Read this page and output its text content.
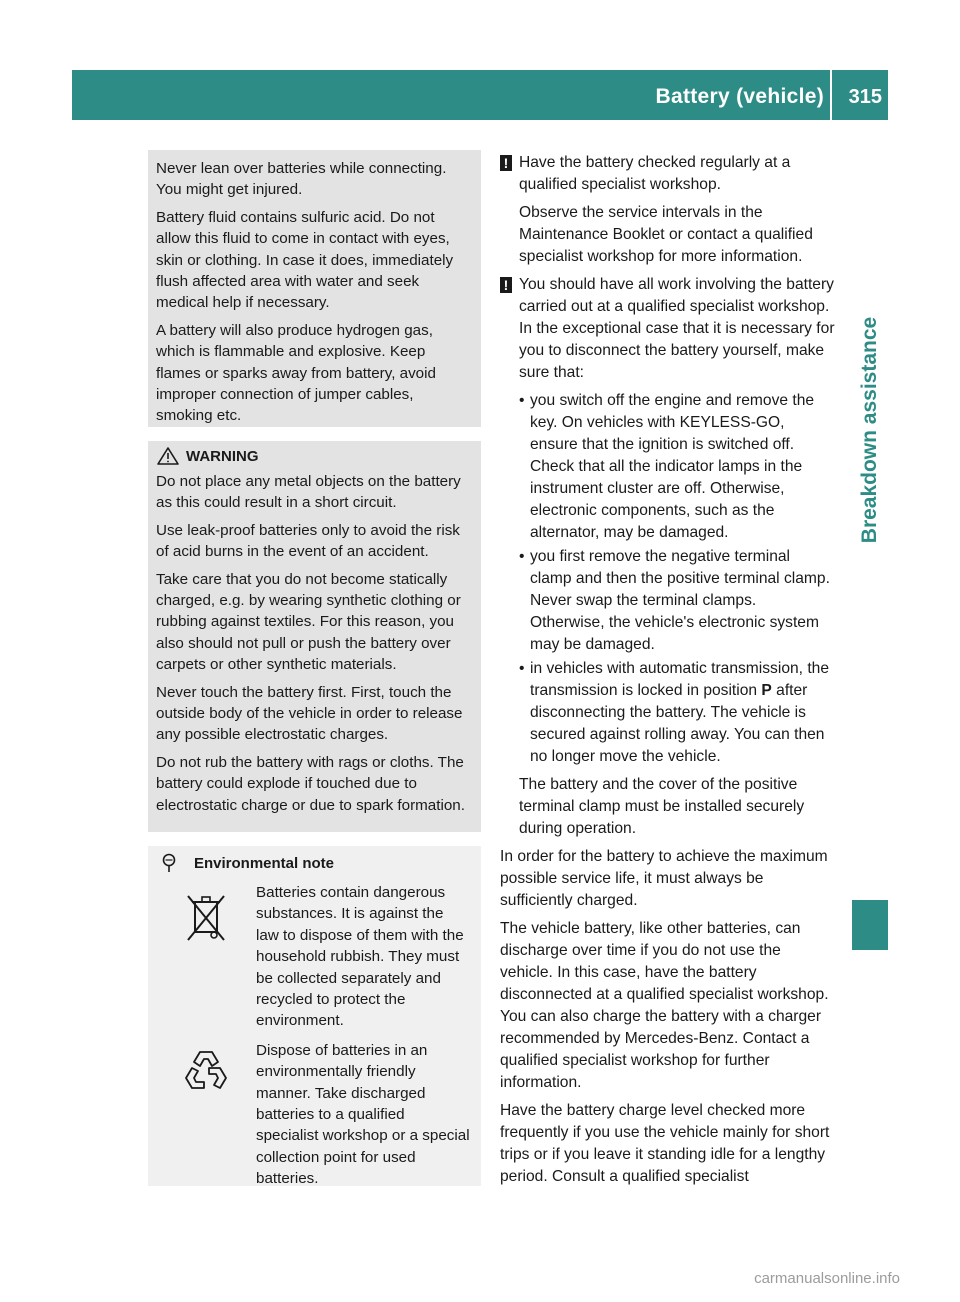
Battery (vehicle) 315
Breakdown assistance

Never lean over batteries while connecting. You might get injured.

Battery fluid contains sulfuric acid. Do not allow this fluid to come in contact with eyes, skin or clothing. In case it does, immediately flush affected area with water and seek medical help if necessary.

A battery will also produce hydrogen gas, which is flammable and explosive. Keep flames or sparks away from battery, avoid improper connection of jumper cables, smoking etc.

WARNING

Do not place any metal objects on the battery as this could result in a short circuit.

Use leak-proof batteries only to avoid the risk of acid burns in the event of an accident.

Take care that you do not become statically charged, e.g. by wearing synthetic clothing or rubbing against textiles. For this reason, you also should not pull or push the battery over carpets or other synthetic materials.

Never touch the battery first. First, touch the outside body of the vehicle in order to release any possible electrostatic charges.

Do not rub the battery with rags or cloths. The battery could explode if touched due to electrostatic charge or due to spark formation.

Environmental note
Batteries contain dangerous substances. It is against the law to dispose of them with the household rubbish. They must be collected separately and recycled to protect the environment.
Dispose of batteries in an environmentally friendly manner. Take discharged batteries to a qualified specialist workshop or a special collection point for used batteries.

! Have the battery checked regularly at a qualified specialist workshop.

Observe the service intervals in the Maintenance Booklet or contact a qualified specialist workshop for more information.

! You should have all work involving the battery carried out at a qualified specialist workshop. In the exceptional case that it is necessary for you to disconnect the battery yourself, make sure that:

• you switch off the engine and remove the key. On vehicles with KEYLESS-GO, ensure that the ignition is switched off. Check that all the indicator lamps in the instrument cluster are off. Otherwise, electronic components, such as the alternator, may be damaged.
• you first remove the negative terminal clamp and then the positive terminal clamp. Never swap the terminal clamps. Otherwise, the vehicle's electronic system may be damaged.
• in vehicles with automatic transmission, the transmission is locked in position P after disconnecting the battery. The vehicle is secured against rolling away. You can then no longer move the vehicle.

The battery and the cover of the positive terminal clamp must be installed securely during operation.

In order for the battery to achieve the maximum possible service life, it must always be sufficiently charged.

The vehicle battery, like other batteries, can discharge over time if you do not use the vehicle. In this case, have the battery disconnected at a qualified specialist workshop. You can also charge the battery with a charger recommended by Mercedes-Benz. Contact a qualified specialist workshop for further information.

Have the battery charge level checked more frequently if you use the vehicle mainly for short trips or if you leave it standing idle for a lengthy period. Consult a qualified specialist

carmanualsonline.info
